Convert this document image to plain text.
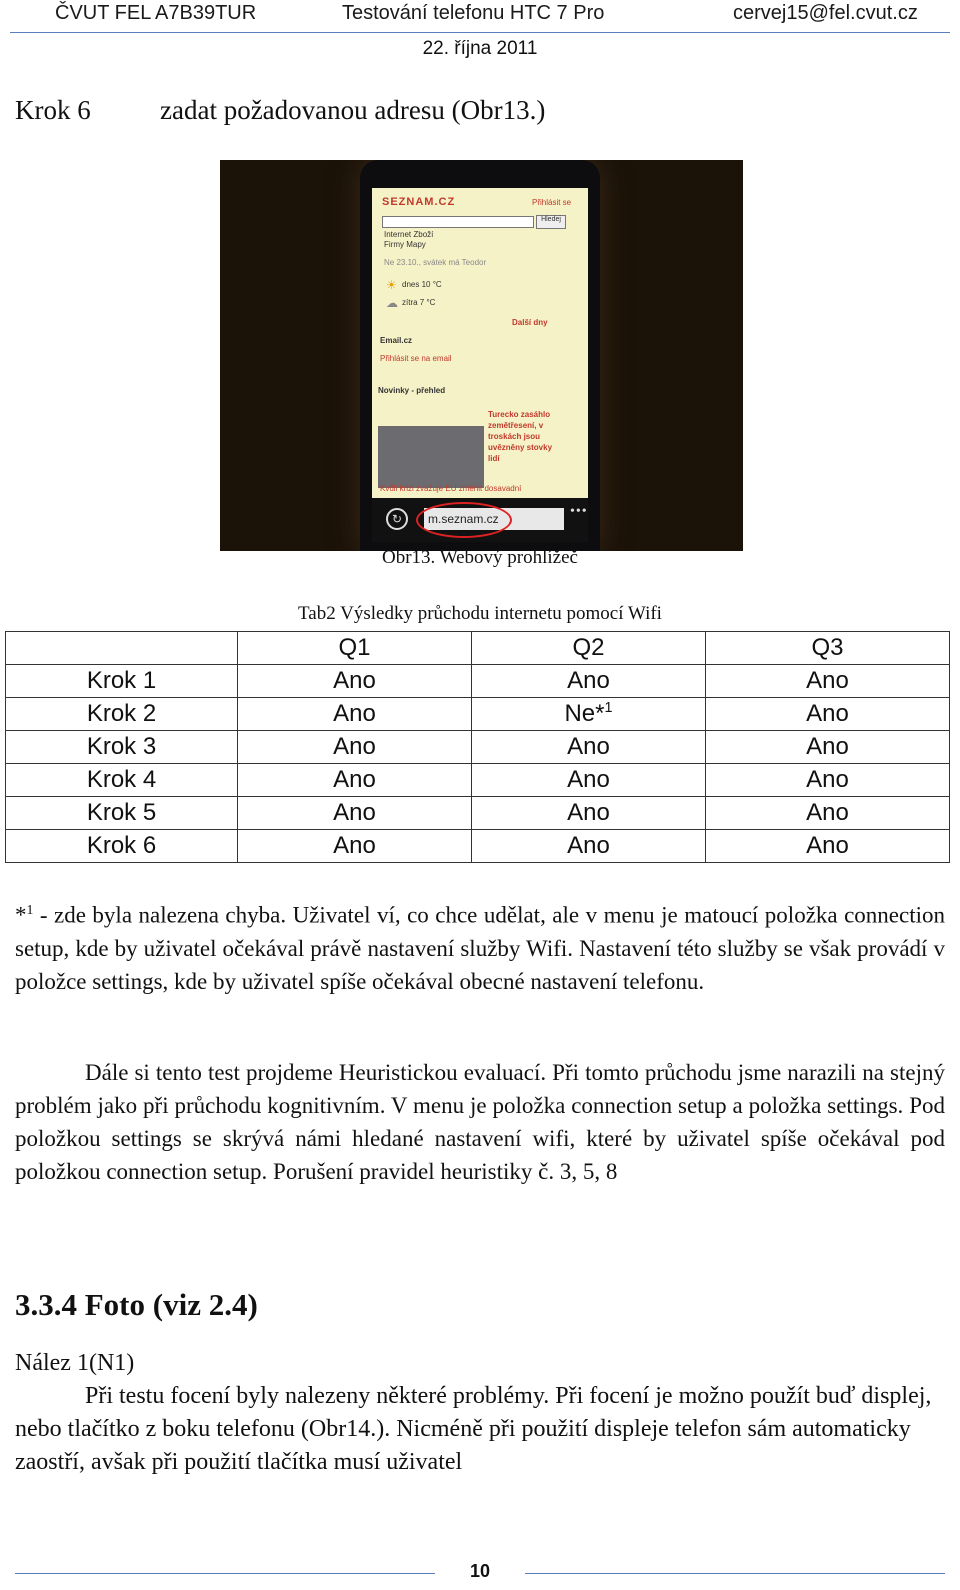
ČVUT FEL A7B39TUR	Testování telefonu HTC 7 Pro	cervej15@fel.cvut.cz
22. října 2011
Krok 6	zadat požadovanou adresu (Obr13.)
SEZNAM.CZ	Přihlásit se
Hledej
Internet Zboží
Firmy Mapy
Ne 23.10., svátek má Teodor
☀ dnes 10 °C
☁ zítra 7 °C
Další dny
Email.cz
Přihlásit se na email
Novinky - přehled
Turecko zasáhlo
zemětřesení, v
troskách jsou
uvězněny stovky
lidí
Kvůli krizi zvažuje EU změnit dosavadní
↻	m.seznam.cz	•••
Obr13. Webový prohlížeč
Tab2 Výsledky průchodu internetu pomocí Wifi
	Q1	Q2	Q3
Krok 1	Ano	Ano	Ano
Krok 2	Ano	Ne*$^1$	Ano
Krok 3	Ano	Ano	Ano
Krok 4	Ano	Ano	Ano
Krok 5	Ano	Ano	Ano
Krok 6	Ano	Ano	Ano
*$^1$ - zde byla nalezena chyba. Uživatel ví, co chce udělat, ale v menu je matoucí položka connection setup, kde by uživatel očekával právě nastavení služby Wifi. Nastavení této služby se však provádí v položce settings, kde by uživatel spíše očekával obecné nastavení telefonu.
Dále si tento test projdeme Heuristickou evaluací. Při tomto průchodu jsme narazili na stejný problém jako při průchodu kognitivním. V menu je položka connection setup a položka settings. Pod položkou settings se skrývá námi hledané nastavení wifi, které by uživatel spíše očekával pod položkou connection setup. Porušení pravidel heuristiky č. 3, 5, 8
3.3.4 Foto (viz 2.4)
Nález 1(N1)
Při testu focení byly nalezeny některé problémy. Při focení je možno použít buď displej, nebo tlačítko z boku telefonu (Obr14.). Nicméně při použití displeje telefon sám automaticky zaostří, avšak při použití tlačítka musí uživatel
10
